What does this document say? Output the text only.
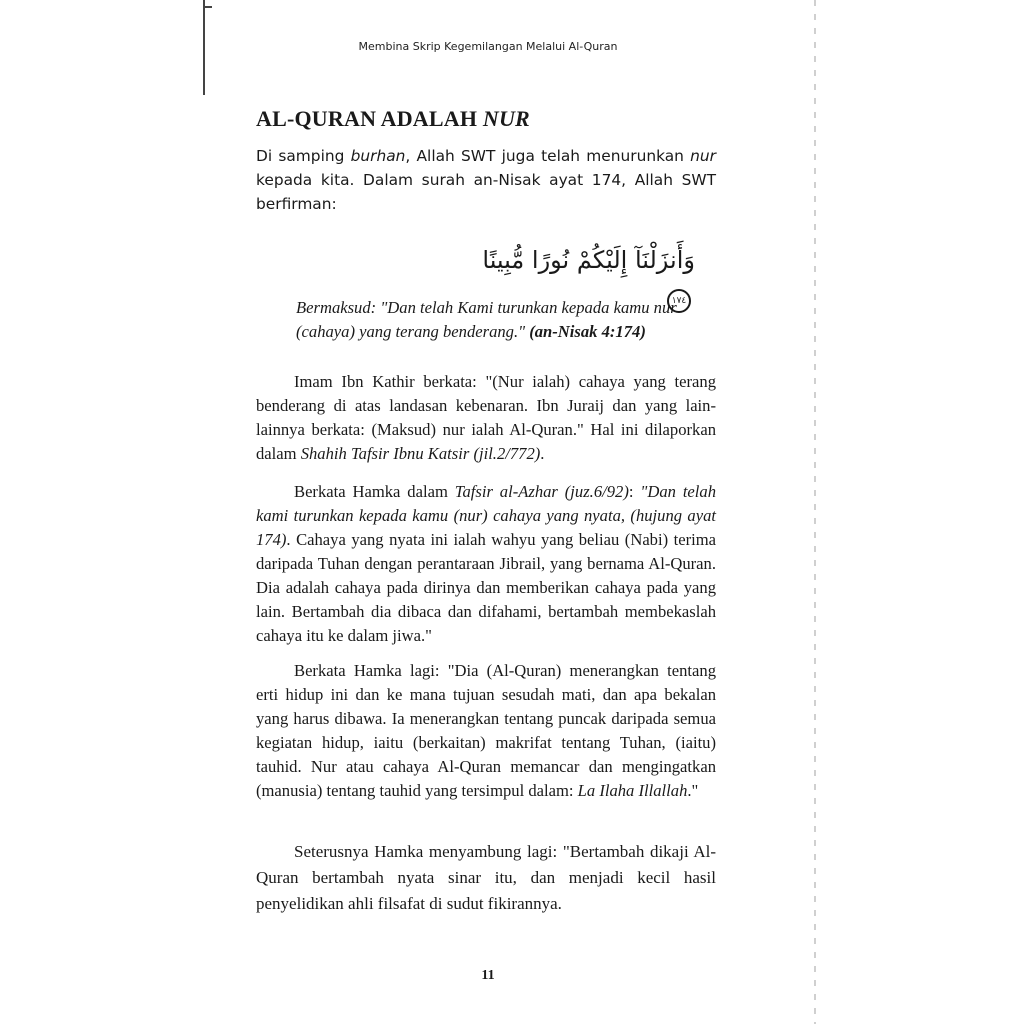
Membina Skrip Kegemilangan Melalui Al-Quran
AL-QURAN ADALAH NUR

Di samping burhan, Allah SWT juga telah menurunkan nur kepada kita. Dalam surah an-Nisak ayat 174, Allah SWT berfirman:

وَأَنزَلْنَآ إِلَيْكُمْ نُورًا مُّبِينًا ١٧٤

Bermaksud: "Dan telah Kami turunkan kepada kamu nur (cahaya) yang terang benderang." (an-Nisak 4:174)

Imam Ibn Kathir berkata: "(Nur ialah) cahaya yang terang benderang di atas landasan kebenaran. Ibn Juraij dan yang lain-lainnya berkata: (Maksud) nur ialah Al-Quran." Hal ini dilaporkan dalam Shahih Tafsir Ibnu Katsir (jil.2/772).

Berkata Hamka dalam Tafsir al-Azhar (juz.6/92): "Dan telah kami turunkan kepada kamu (nur) cahaya yang nyata, (hujung ayat 174). Cahaya yang nyata ini ialah wahyu yang beliau (Nabi) terima daripada Tuhan dengan perantaraan Jibrail, yang bernama Al-Quran. Dia adalah cahaya pada dirinya dan memberikan cahaya pada yang lain. Bertambah dia dibaca dan difahami, bertambah membekaslah cahaya itu ke dalam jiwa."

Berkata Hamka lagi: "Dia (Al-Quran) menerangkan tentang erti hidup ini dan ke mana tujuan sesudah mati, dan apa bekalan yang harus dibawa. Ia menerangkan tentang puncak daripada semua kegiatan hidup, iaitu (berkaitan) makrifat tentang Tuhan, (iaitu) tauhid. Nur atau cahaya Al-Quran memancar dan mengingatkan (manusia) tentang tauhid yang tersimpul dalam: La Ilaha Illallah."

Seterusnya Hamka menyambung lagi: "Bertambah dikaji Al-Quran bertambah nyata sinar itu, dan menjadi kecil hasil penyelidikan ahli filsafat di sudut fikirannya.

11
